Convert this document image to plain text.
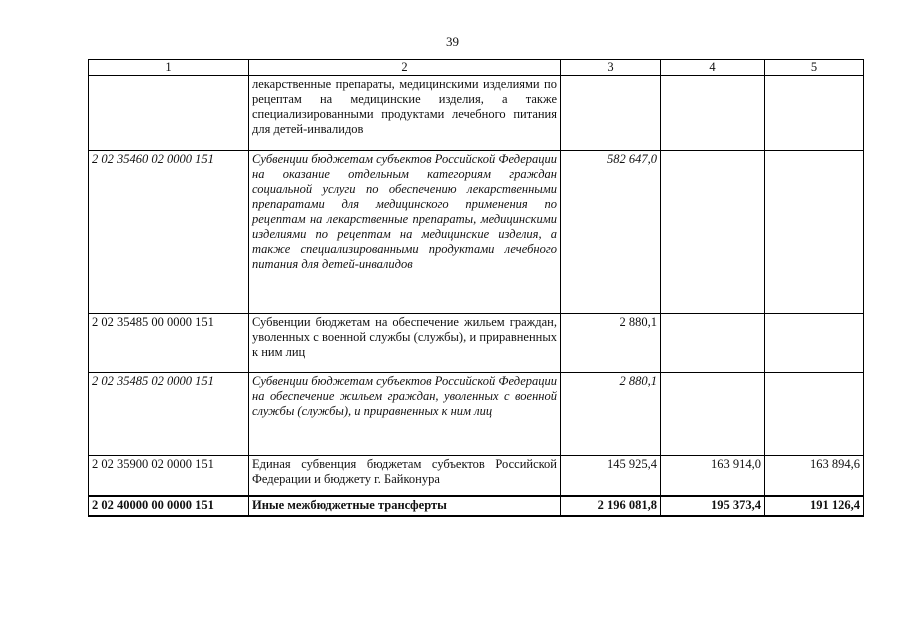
39
1	2	3	4	5
	лекарственные препараты, медицинскими изделиями по рецептам на медицинские изделия, а также специализированными продуктами лечебного питания для детей-инвалидов			
2 02 35460 02 0000 151	Субвенции бюджетам субъектов Российской Федерации на оказание отдельным категориям граждан социальной услуги по обеспечению лекарственными препаратами для медицинского применения по рецептам на лекарственные препараты, медицинскими изделиями по рецептам на медицинские изделия, а также специализированными продуктами лечебного питания для детей-инвалидов	582 647,0		
2 02 35485 00 0000 151	Субвенции бюджетам на обеспечение жильем граждан, уволенных с военной службы (службы), и приравненных к ним лиц	2 880,1		
2 02 35485 02 0000 151	Субвенции бюджетам субъектов Российской Федерации на обеспечение жильем граждан, уволенных с военной службы (службы), и приравненных к ним лиц	2 880,1		
2 02 35900 02 0000 151	Единая субвенция бюджетам субъектов Российской Федерации и бюджету г. Байконура	145 925,4	163 914,0	163 894,6
2 02 40000 00 0000 151	Иные межбюджетные трансферты	2 196 081,8	195 373,4	191 126,4
